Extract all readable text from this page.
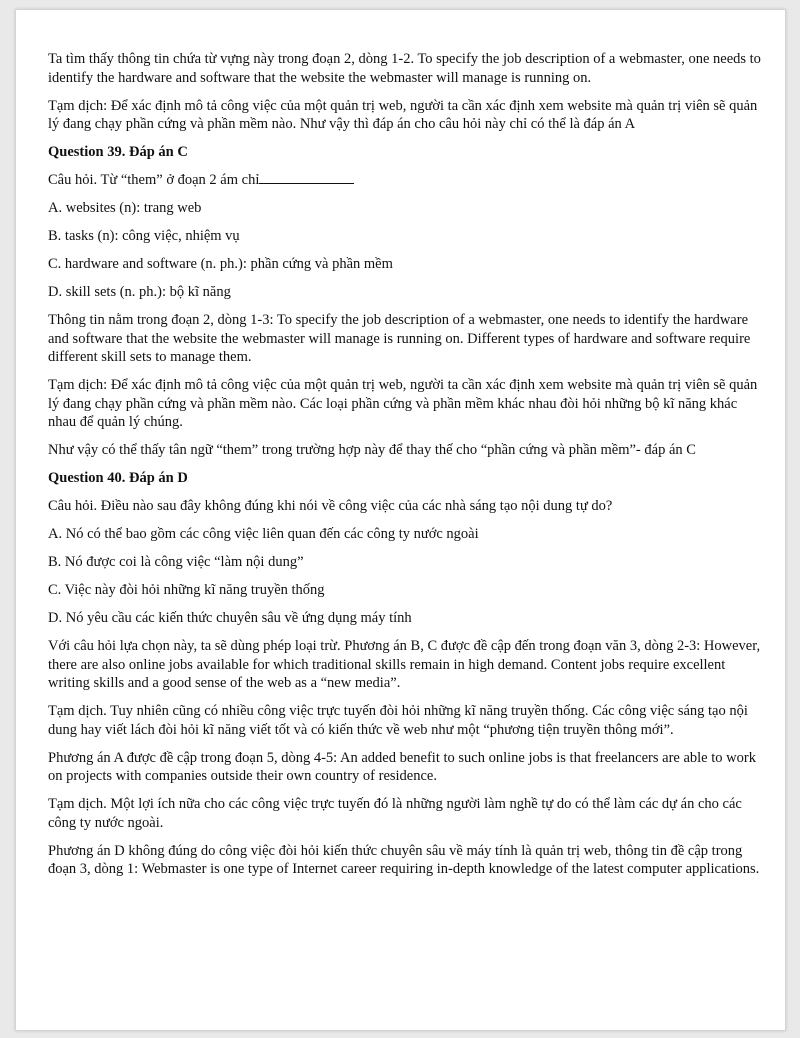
Ta tìm thấy thông tin chứa từ vựng này trong đoạn 2, dòng 1-2. To specify the job description of a webmaster, one needs to identify the hardware and software that the website the webmaster will manage is running on.

Tạm dịch: Để xác định mô tả công việc của một quản trị web, người ta cần xác định xem website mà quản trị viên sẽ quản lý đang chạy phần cứng và phần mềm nào. Như vậy thì đáp án cho câu hỏi này chỉ có thể là đáp án A

Question 39. Đáp án C

Câu hỏi. Từ “them” ở đoạn 2 ám chỉ

A. websites (n): trang web

B. tasks (n): công việc, nhiệm vụ

C. hardware and software (n. ph.): phần cứng và phần mềm

D. skill sets (n. ph.): bộ kĩ năng

Thông tin nằm trong đoạn 2, dòng 1-3: To specify the job description of a webmaster, one needs to identify the hardware and software that the website the webmaster will manage is running on. Different types of hardware and software require different skill sets to manage them.

Tạm dịch: Để xác định mô tả công việc của một quản trị web, người ta cần xác định xem website mà quản trị viên sẽ quản lý đang chạy phần cứng và phần mềm nào. Các loại phần cứng và phần mềm khác nhau đòi hỏi những bộ kĩ năng khác nhau để quản lý chúng.

Như vậy có thể thấy tân ngữ “them” trong trường hợp này để thay thế cho “phần cứng và phần mềm”- đáp án C

Question 40. Đáp án D

Câu hỏi. Điều nào sau đây không đúng khi nói về công việc của các nhà sáng tạo nội dung tự do?

A. Nó có thể bao gồm các công việc liên quan đến các công ty nước ngoài

B. Nó được coi là công việc “làm nội dung”

C. Việc này đòi hỏi những kĩ năng truyền thống

D. Nó yêu cầu các kiến thức chuyên sâu về ứng dụng máy tính

Với câu hỏi lựa chọn này, ta sẽ dùng phép loại trừ. Phương án B, C được đề cập đến trong đoạn văn 3, dòng 2-3: However, there are also online jobs available for which traditional skills remain in high demand. Content jobs require excellent writing skills and a good sense of the web as a “new media”.

Tạm dịch. Tuy nhiên cũng có nhiều công việc trực tuyến đòi hỏi những kĩ năng truyền thống. Các công việc sáng tạo nội dung hay viết lách đòi hỏi kĩ năng viết tốt và có kiến thức về web như một “phương tiện truyền thông mới”.

Phương án A được đề cập trong đoạn 5, dòng 4-5: An added benefit to such online jobs is that freelancers are able to work on projects with companies outside their own country of residence.

Tạm dịch. Một lợi ích nữa cho các công việc trực tuyến đó là những người làm nghề tự do có thể làm các dự án cho các công ty nước ngoài.

Phương án D không đúng do công việc đòi hỏi kiến thức chuyên sâu về máy tính là quản trị web, thông tin đề cập trong đoạn 3, dòng 1: Webmaster is one type of Internet career requiring in-depth knowledge of the latest computer applications.
